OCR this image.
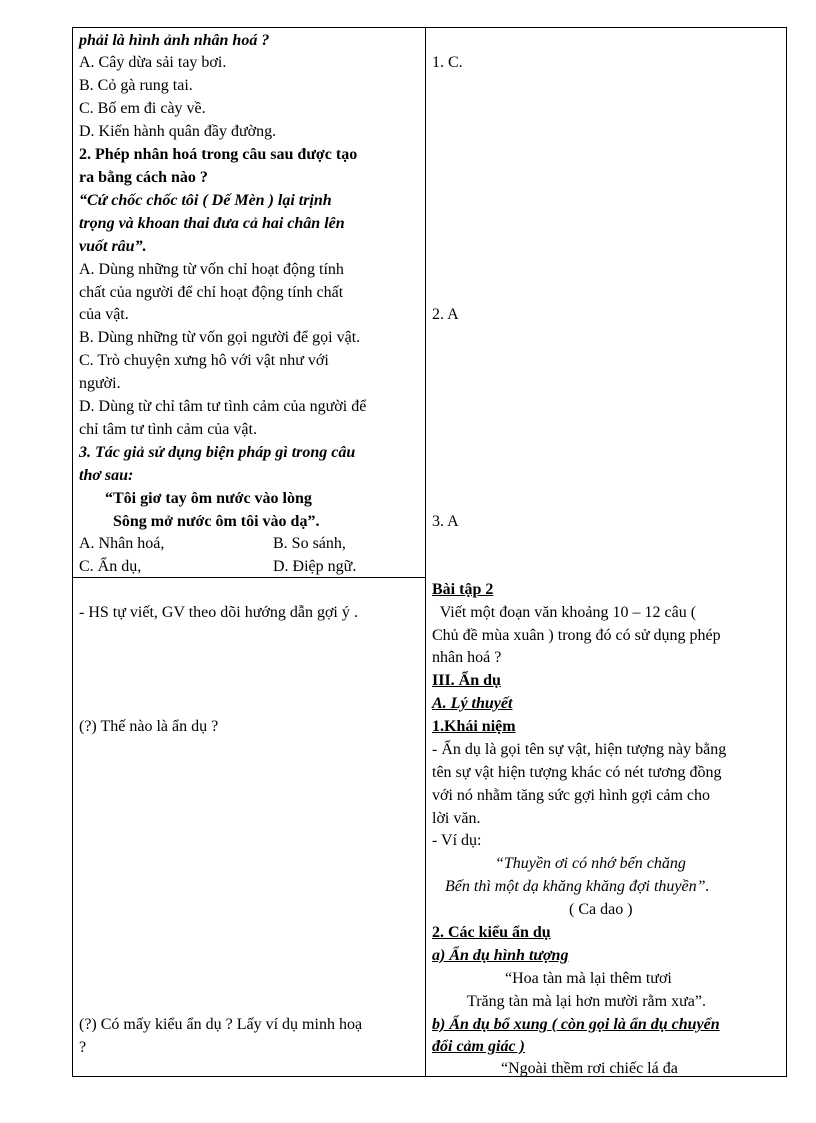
phải là hình ảnh nhân hoá ?
A. Cây dừa sải tay bơi.
B. Cỏ gà rung tai.
C. Bố em đi cày về.
D. Kiến hành quân đầy đường.
2. Phép nhân hoá trong câu sau được tạo
ra bằng cách nào ?
“Cứ chốc chốc tôi ( Dế Mèn ) lại trịnh
trọng và khoan thai đưa cả hai chân lên
vuốt râu”.
A. Dùng những từ vốn chỉ hoạt động tính
chất của người để chỉ hoạt động tính chất
của vật.
B. Dùng những từ vốn gọi người để gọi vật.
C. Trò chuyện xưng hô với vật như với
người.
D. Dùng từ chỉ tâm tư tình cảm của người để
chỉ tâm tư tình cảm của vật.
3. Tác giả sử dụng biện pháp gì trong câu
thơ sau:
“Tôi giơ tay ôm nước vào lòng
Sông mở nước ôm tôi vào dạ”.
A. Nhân hoá,	B. So sánh,
C. Ẩn dụ,	D. Điệp ngữ.
- HS tự viết, GV theo dõi hướng dẫn gợi ý .
(?) Thế nào là ẩn dụ ?
(?) Có mấy kiểu ẩn dụ ? Lấy ví dụ minh hoạ
?
1. C.
2. A
3. A
Bài tập 2
Viết một đoạn văn khoảng 10 – 12 câu (
Chủ đề mùa xuân ) trong đó có sử dụng phép
nhân hoá ?
III. Ẩn dụ
A. Lý thuyết
1.Khái niệm
- Ẩn dụ là gọi tên sự vật, hiện tượng này bằng
tên sự vật hiện tượng khác có nét tương đồng
với nó nhằm tăng sức gợi hình gợi cảm cho
lời văn.
- Ví dụ:
“Thuyền ơi có nhớ bến chăng
Bến thì một dạ khăng khăng đợi thuyền”.
( Ca dao )
2. Các kiểu ẩn dụ
a) Ẩn dụ hình tượng
“Hoa tàn mà lại thêm tươi
Trăng tàn mà lại hơn mười rằm xưa”.
b) Ẩn dụ bổ xung ( còn gọi là ẩn dụ chuyển
đổi cảm giác )
“Ngoài thềm rơi chiếc lá đa
